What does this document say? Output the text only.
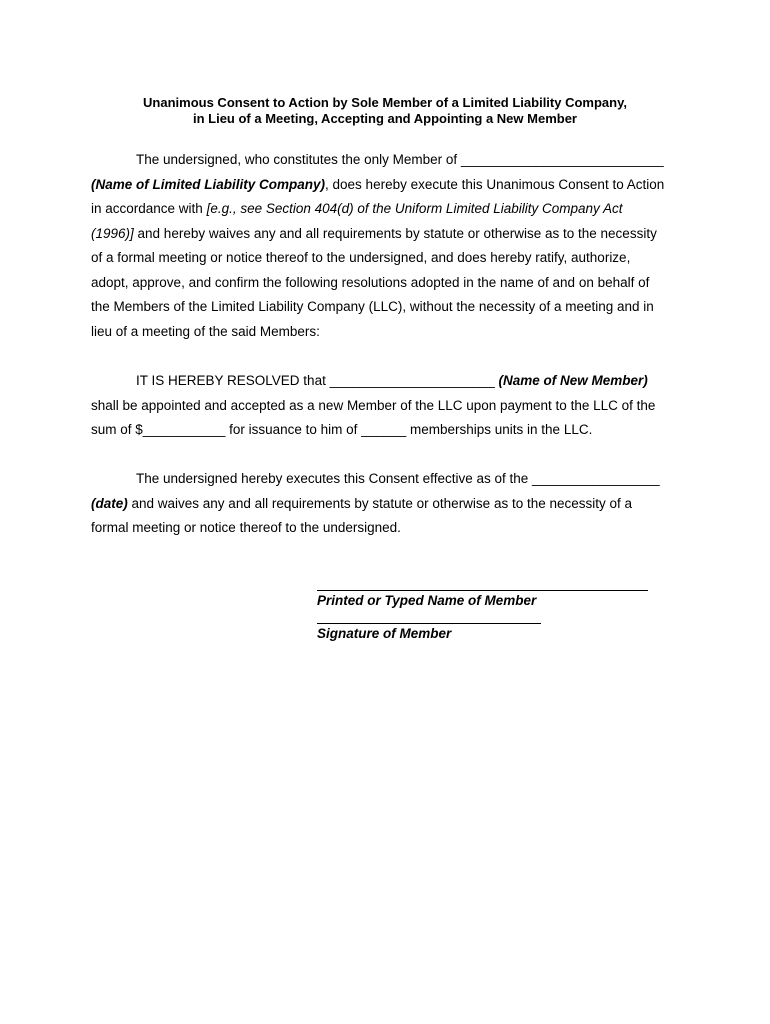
Unanimous Consent to Action by Sole Member of a Limited Liability Company,
in Lieu of a Meeting, Accepting and Appointing a New Member
The undersigned, who constitutes the only Member of ___________________________
(Name of Limited Liability Company), does hereby execute this Unanimous Consent to Action
in accordance with [e.g., see Section 404(d) of the Uniform Limited Liability Company Act
(1996)] and hereby waives any and all requirements by statute or otherwise as to the necessity
of a formal meeting or notice thereof to the undersigned, and does hereby ratify, authorize,
adopt, approve, and confirm the following resolutions adopted in the name of and on behalf of
the Members of the Limited Liability Company (LLC), without the necessity of a meeting and in
lieu of a meeting of the said Members:
IT IS HEREBY RESOLVED that ______________________ (Name of New Member)
shall be appointed and accepted as a new Member of the LLC upon payment to the LLC of the
sum of $___________ for issuance to him of ______ memberships units in the LLC.
The undersigned hereby executes this Consent effective as of the _________________
(date) and waives any and all requirements by statute or otherwise as to the necessity of a
formal meeting or notice thereof to the undersigned.
Printed or Typed Name of Member
Signature of Member
